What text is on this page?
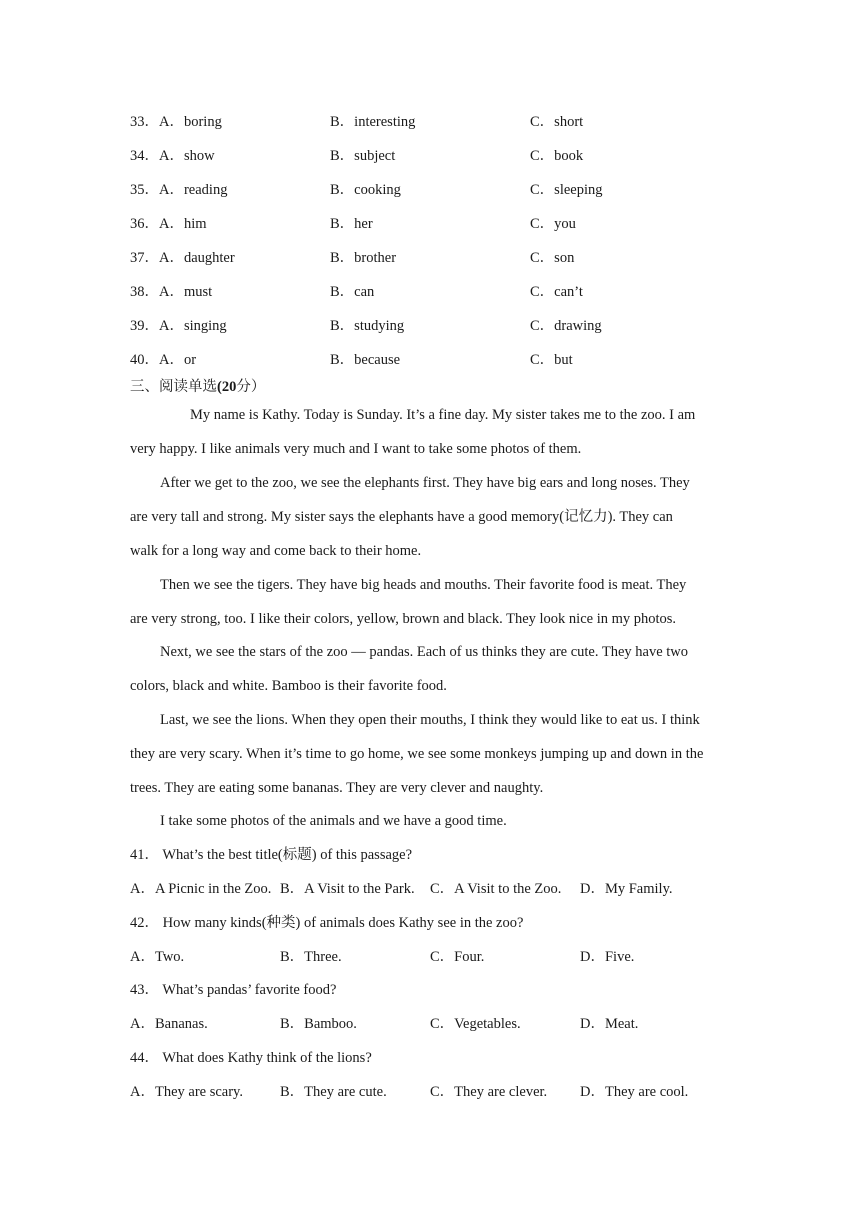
33．A．boring	B．interesting	C．short
34．A．show	B．subject	C．book
35．A．reading	B．cooking	C．sleeping
36．A．him	B．her	C．you
37．A．daughter	B．brother	C．son
38．A．must	B．can	C．can’t
39．A．singing	B．studying	C．drawing
40．A．or	B．because	C．but
三、阅读单选(20分）
My name is Kathy. Today is Sunday. It’s a fine day. My sister takes me to the zoo. I am
very happy. I like animals very much and I want to take some photos of them.
After we get to the zoo, we see the elephants first. They have big ears and long noses. They
are very tall and strong. My sister says the elephants have a good memory(记忆力). They can
walk for a long way and come back to their home.
Then we see the tigers. They have big heads and mouths. Their favorite food is meat. They
are very strong, too. I like their colors, yellow, brown and black. They look nice in my photos.
Next, we see the stars of the zoo — pandas. Each of us thinks they are cute. They have two
colors, black and white. Bamboo is their favorite food.
Last, we see the lions. When they open their mouths, I think they would like to eat us. I think
they are very scary. When it’s time to go home, we see some monkeys jumping up and down in the
trees. They are eating some bananas. They are very clever and naughty.
I take some photos of the animals and we have a good time.
41． What’s the best title(标题) of this passage?
A．A Picnic in the Zoo. B．A Visit to the Park. C．A Visit to the Zoo. D．My Family.
42． How many kinds(种类) of animals does Kathy see in the zoo?
A．Two.	B．Three.	C．Four.	D．Five.
43． What’s pandas’ favorite food?
A．Bananas.	B．Bamboo.	C．Vegetables.	D．Meat.
44． What does Kathy think of the lions?
A．They are scary.	B．They are cute.	C．They are clever. D．They are cool.
